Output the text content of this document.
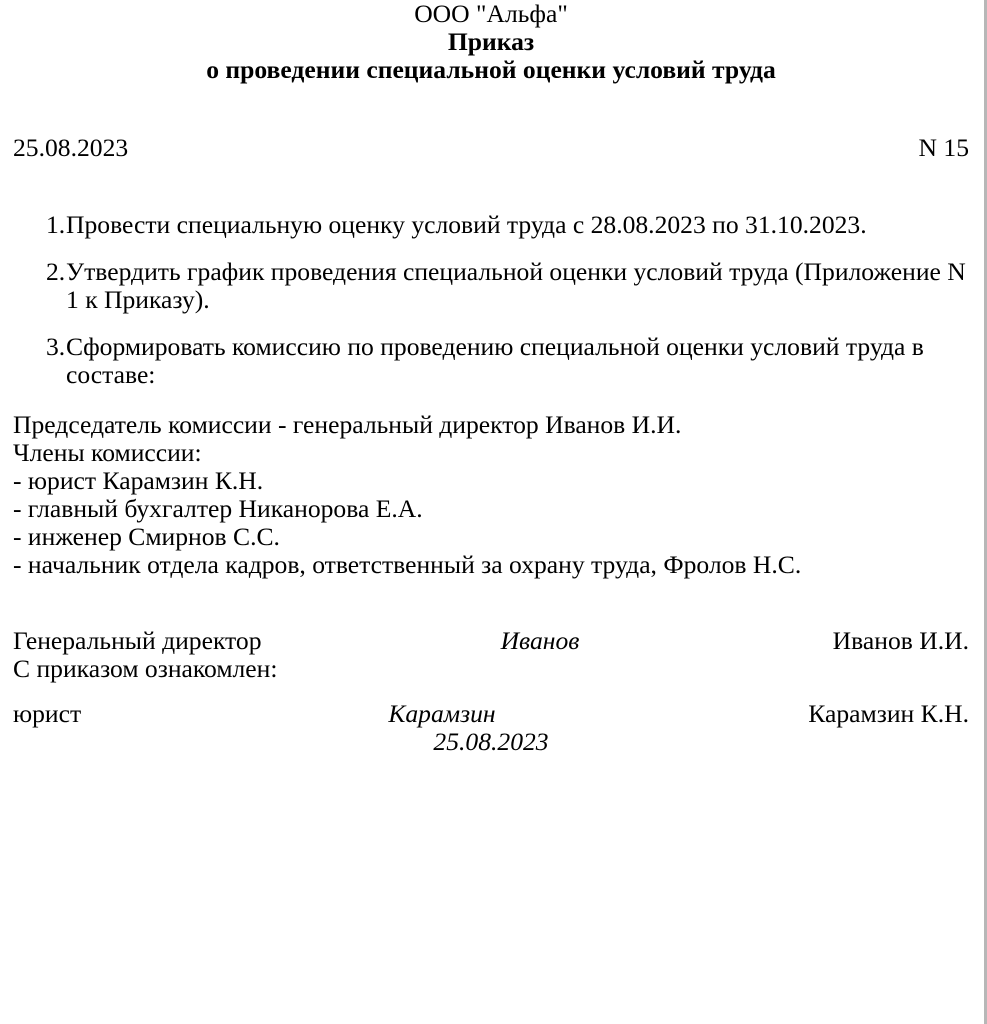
ООО "Альфа"

Приказ

о проведении специальной оценки условий труда

25.08.2023	N 15
1. Провести специальную оценку условий труда с 28.08.2023 по 31.10.2023.
2. Утвердить график проведения специальной оценки условий труда (Приложение N 1 к Приказу).
3. Сформировать комиссию по проведению специальной оценки условий труда в составе:

Председатель комиссии - генеральный директор Иванов И.И.

Члены комиссии:

- юрист Карамзин К.Н.

- главный бухгалтер Никанорова Е.А.

- инженер Смирнов С.С.

- начальник отдела кадров, ответственный за охрану труда, Фролов Н.С.

Генеральный директор	Иванов	Иванов И.И.

С приказом ознакомлен:

юрист	Карамзин	Карамзин К.Н.

25.08.2023
